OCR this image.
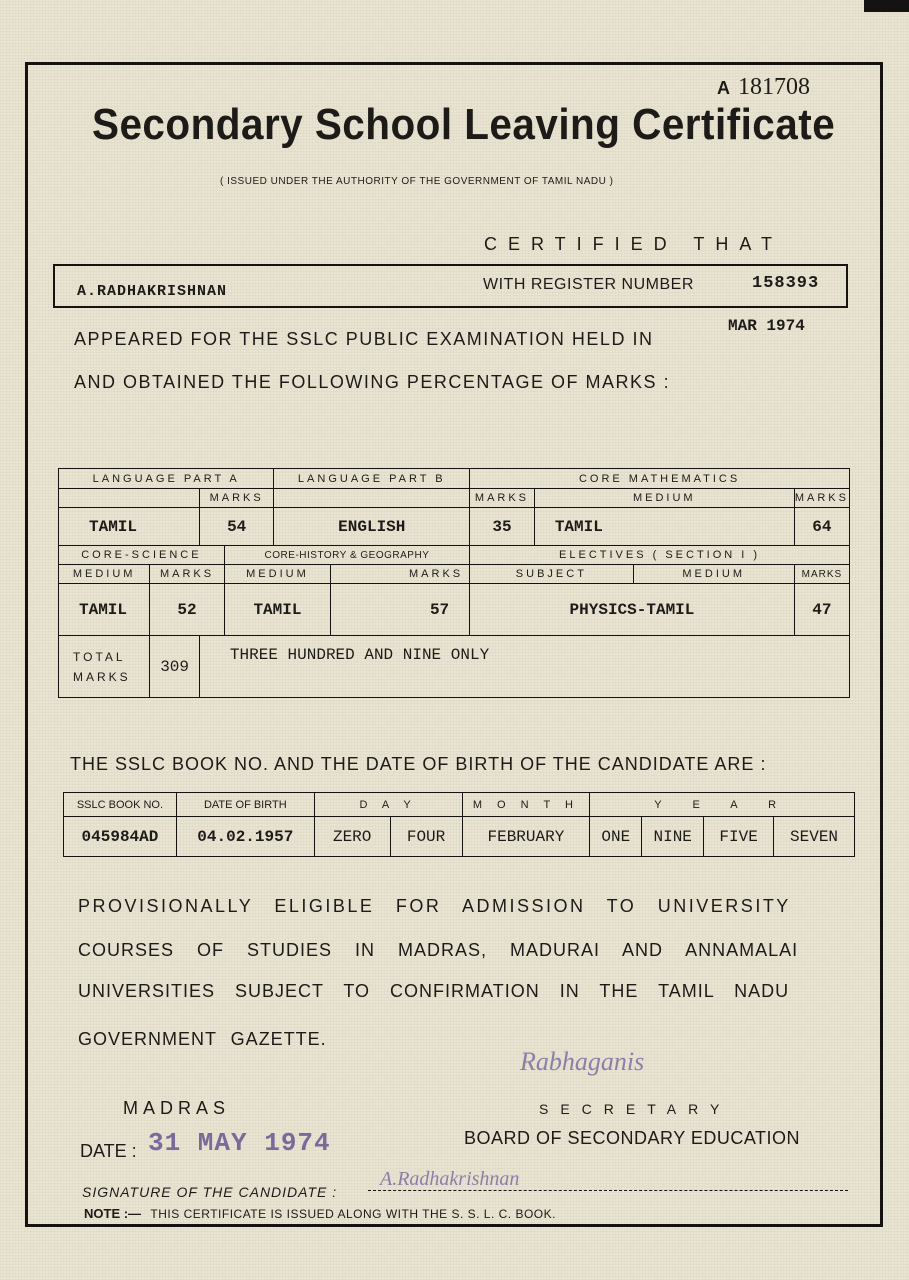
A 181708
Secondary School Leaving Certificate
( ISSUED UNDER THE AUTHORITY OF THE GOVERNMENT OF TAMIL NADU )
CERTIFIED THAT
A.RADHAKRISHNAN	WITH REGISTER NUMBER	158393
APPEARED FOR THE SSLC PUBLIC EXAMINATION HELD IN
MAR 1974
AND OBTAINED THE FOLLOWING PERCENTAGE OF MARKS :
LANGUAGE PART A				LANGUAGE PART B		CORE MATHEMATICS			
		MARKS				MARKS	MEDIUM		MARKS
TAMIL		54		ENGLISH		35	TAMIL		64
CORE-SCIENCE			CORE-HISTORY & GEOGRAPHY			ELECTIVES ( SECTION I )			
MEDIUM	MARKS		MEDIUM		MARKS	SUBJECT		MEDIUM	MARKS
TAMIL	52		TAMIL		57	PHYSICS-TAMIL			47

TOTAL
MARKS	309	THREE HUNDRED AND NINE ONLY							
THE SSLC BOOK NO. AND THE DATE OF BIRTH OF THE CANDIDATE ARE :
SSLC BOOK NO.	DATE OF BIRTH	D A Y		M O N T H	Y E A R			
045984AD	04.02.1957	ZERO	FOUR	FEBRUARY	ONE	NINE	FIVE	SEVEN
PROVISIONALLY ELIGIBLE FOR ADMISSION TO UNIVERSITY
COURSES OF STUDIES IN MADRAS, MADURAI AND ANNAMALAI
UNIVERSITIES SUBJECT TO CONFIRMATION IN THE TAMIL NADU
GOVERNMENT GAZETTE.
Rabhaganis
MADRAS	SECRETARY
DATE : 31 MAY 1974	BOARD OF SECONDARY EDUCATION
SIGNATURE OF THE CANDIDATE :
A.Radhakrishnan
NOTE :— THIS CERTIFICATE IS ISSUED ALONG WITH THE S. S. L. C. BOOK.
